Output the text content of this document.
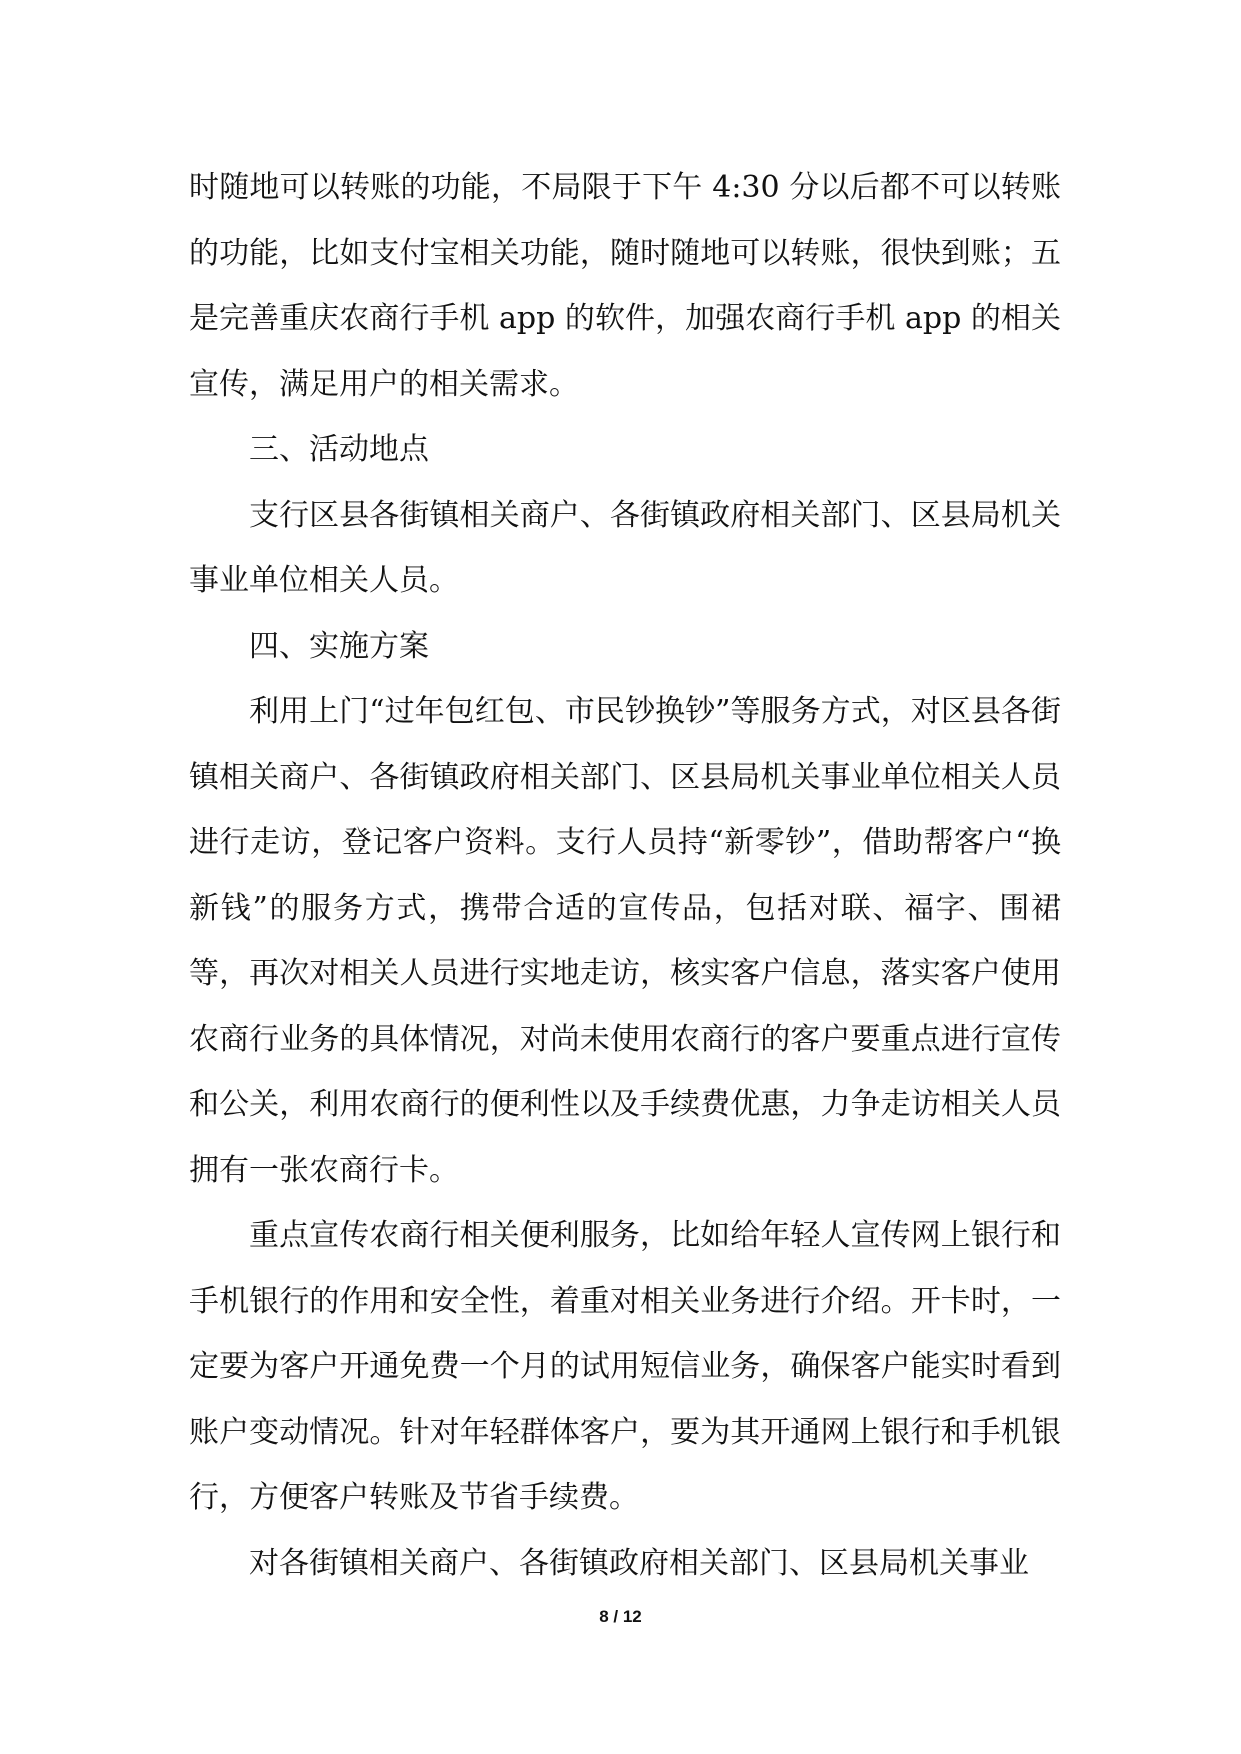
时随地可以转账的功能，不局限于下午 4:30 分以后都不可以转账的功能，比如支付宝相关功能，随时随地可以转账，很快到账；五是完善重庆农商行手机 app 的软件，加强农商行手机 app 的相关宣传，满足用户的相关需求。

三、活动地点

支行区县各街镇相关商户、各街镇政府相关部门、区县局机关事业单位相关人员。

四、实施方案

利用上门“过年包红包、市民钞换钞”等服务方式，对区县各街镇相关商户、各街镇政府相关部门、区县局机关事业单位相关人员进行走访，登记客户资料。支行人员持“新零钞”，借助帮客户“换新钱”的服务方式，携带合适的宣传品，包括对联、福字、围裙等，再次对相关人员进行实地走访，核实客户信息，落实客户使用农商行业务的具体情况，对尚未使用农商行的客户要重点进行宣传和公关，利用农商行的便利性以及手续费优惠，力争走访相关人员拥有一张农商行卡。

重点宣传农商行相关便利服务，比如给年轻人宣传网上银行和手机银行的作用和安全性，着重对相关业务进行介绍。开卡时，一定要为客户开通免费一个月的试用短信业务，确保客户能实时看到账户变动情况。针对年轻群体客户，要为其开通网上银行和手机银行，方便客户转账及节省手续费。

对各街镇相关商户、各街镇政府相关部门、区县局机关事业

8 / 12
